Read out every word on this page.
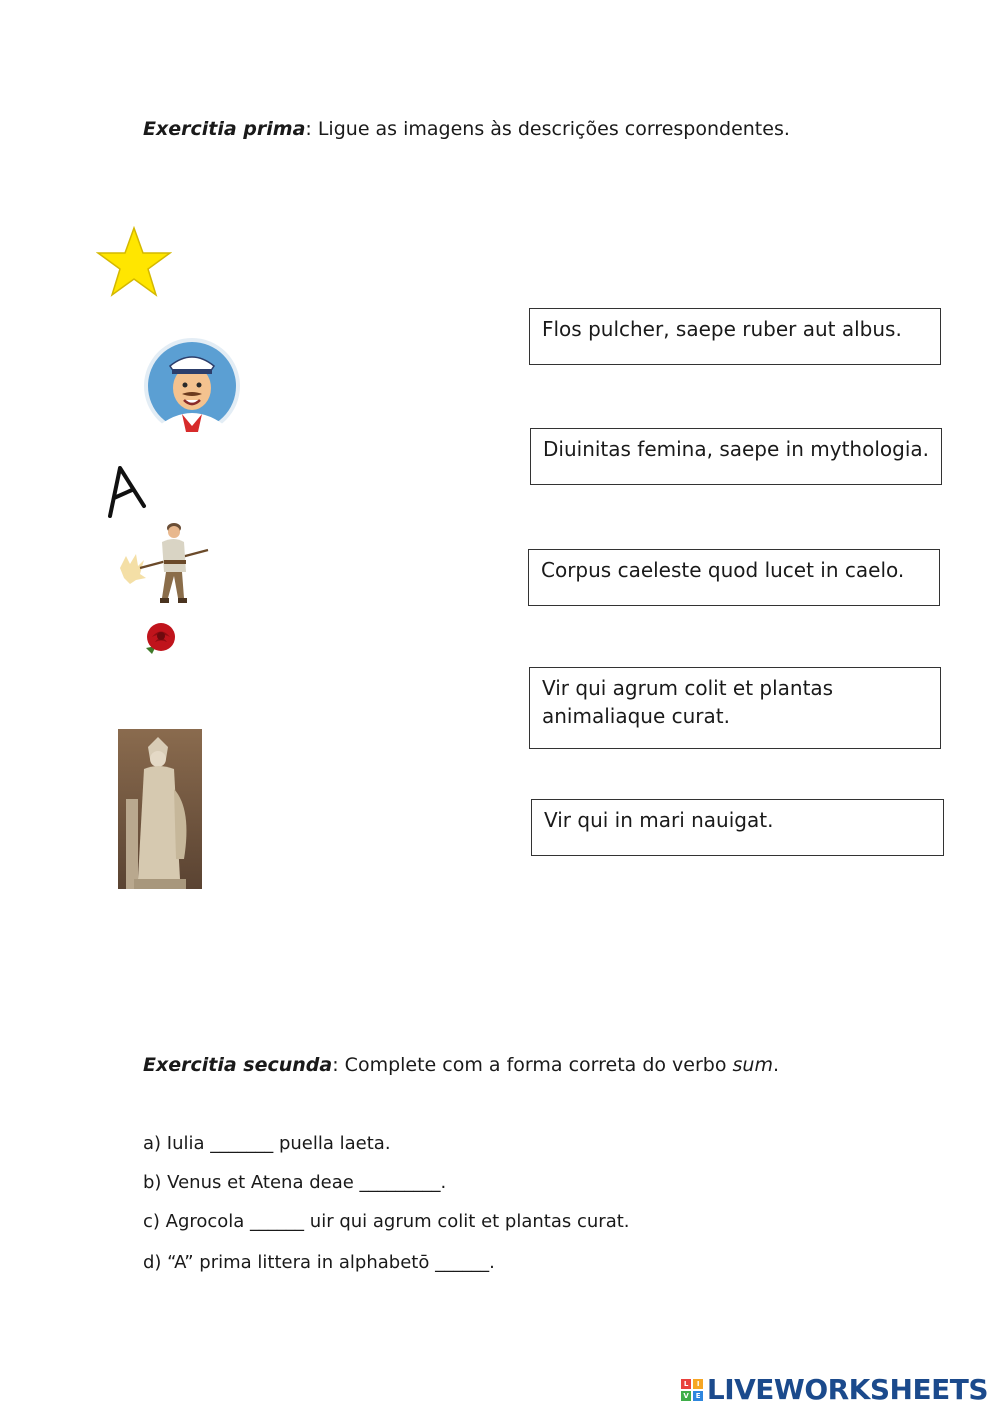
Exercitia prima: Ligue as imagens às descrições correspondentes.
A
Flos pulcher, saepe ruber aut albus.
Diuinitas femina, saepe in mythologia.
Corpus caeleste quod lucet in caelo.
Vir qui agrum colit et plantas animaliaque curat.
Vir qui in mari nauigat.
Exercitia secunda: Complete com a forma correta do verbo sum.
a) Iulia _______ puella laeta.
b) Venus et Atena deae _________.
c) Agrocola ______ uir qui agrum colit et plantas curat.
d) “A” prima littera in alphabetō ______.
L	I
V	E LIVEWORKSHEETS
